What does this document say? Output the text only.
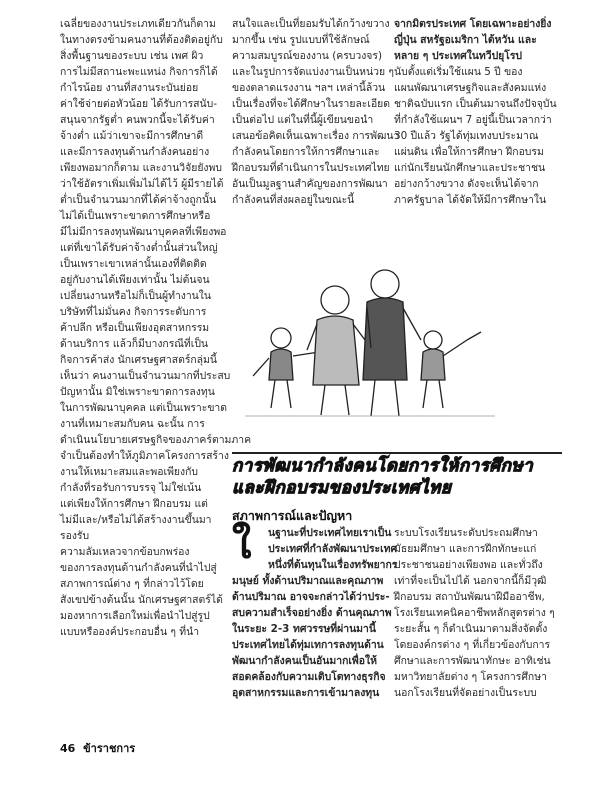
เฉลี่ยของงานประเภทเดียวกันก็ตาม

ในทางตรงข้ามคนงานที่ต้องติดอยู่กับ

สิ่งพื้นฐานของระบบ เช่น เพศ ผิว

การไม่มีสถานะพะแหน่ง กิจการก็ได้

กำไรน้อย งานที่สงานระบันย่อย

ค่าใช้จ่ายต่อหัวน้อย ได้รับการสนับ-

สนุนจากรัฐต่ำ คนพวกนี้จะได้รับค่า

จ้างต่ำ แม้ว่าเขาจะมีการศึกษาดี

และมีการลงทุนด้านกำลังคนอย่าง

เพียงพอมากก็ตาม และงานวิจัยยังพบ

ว่าใช้อัตราเพิ่มเพิ่มไม่ได้ไว้ ผู้มีรายได้

ต่ำเป็นจำนวนมากที่ได้ค่าจ้างถูกนั้น

ไม่ได้เป็นเพราะขาดการศึกษาหรือ

มีไม่มีการลงทุนพัฒนาบุคคลที่เพียงพอ

แต่ที่เขาได้รับค่าจ้างต่ำนั้นส่วนใหญ่

เป็นเพราะเขาเหล่านั้นเองที่ติดติด

อยู่กับงานได้เพียงเท่านั้น ไม่ต้นจน

เปลี่ยนงานหรือไม่ก็เป็นผู้ทำงานใน

บริษัทที่ไม่มั่นคง กิจการระดับการ

ค้าปลีก หรือเป็นเพียงอุตสาหกรรม

ด้านบริการ แล้วก็มีบางกรณีที่เป็น

กิจการค้าส่ง นักเศรษฐศาสตร์กลุ่มนี้

เห็นว่า คนงานเป็นจำนวนมากที่ประสบ

ปัญหานั้น มิใช่เพราะขาดการลงทุน

ในการพัฒนาบุคคล แต่เป็นเพราะขาด

งานที่เหมาะสมกับคน ฉะนั้น การ

ดำเนินนโยบายเศรษฐกิจของภาคร์ตามภาค

จำเป็นต้องทำให้ภูมิภาคโครงการสร้าง

งานให้เหมาะสมและพอเพียงกับ

กำลังที่รอรับการบรรจุ ไม่ใช่เน้น

แต่เพียงให้การศึกษา ฝึกอบรม แต่

ไม่มีและ/หรือไม่ได้สร้างงานขึ้นมา

รองรับ

ความลัมเหลวจากข้อบกพร่อง

ของการลงทุนด้านกำลังคนที่นำไปสู่

สภาพการณ์ต่าง ๆ ที่กล่าวไว้โดย

สังเขปข้างต้นนั้น นักเศรษฐศาสตร์ได้

มองหาการเลือกใหม่เพื่อนำไปสู่รูป

แบบหรือองค์ประกอบอื่น ๆ ที่นำ

สนใจและเป็นที่ยอมรับได้กว้างขวาง

มากขึ้น เช่น รูปแบบที่ใช้ลักษณ์

ความสมบูรณ์ของงาน (ครบวงจร)

และในรูปการจัดแบ่งงานเป็นหน่วย ๆ

ของตลาดแรงงาน ฯลฯ เหล่านี้ล้วน

เป็นเรื่องที่จะได้ศึกษาในรายละเอียด

เป็นต่อไป แต่ในที่นี้ผู้เขียนขอนำ

เสนอข้อคิดเห็นเฉพาะเรื่อง การพัฒนา

กำลังคนโดยการให้การศึกษาและ

ฝึกอบรมที่ดำเนินการในประเทศไทย

อันเป็นมูลฐานสำคัญของการพัฒนา

กำลังคนที่ส่งผลอยู่ในขณะนี้

จากมิตรประเทศ โดยเฉพาะอย่างยิ่ง

ญี่ปุ่น สหรัฐอเมริกา ไต้หวัน และ

หลาย ๆ ประเทศในทวีปยุโรป

นับตั้งแต่เริ่มใช้แผน 5 ปี ของ

แผนพัฒนาเศรษฐกิจและสังคมแห่ง

ชาติฉบับแรก เป็นต้นมาจนถึงปัจจุบัน

ที่กำลังใช้แผนฯ 7 อยู่นี้เป็นเวลากว่า

30 ปีแล้ว รัฐได้ทุ่มเทงบประมาณ

แผ่นดิน เพื่อให้การศึกษา ฝึกอบรม

แก่นักเรียนนักศึกษาและประชาชน

อย่างกว้างขวาง ดังจะเห็นได้จาก

ภาครัฐบาล ได้จัดให้มีการศึกษาใน

การพัฒนากำลังคนโดยการให้การศึกษา
และฝึกอบรมของประเทศไทย
สภาพการณ์และปัญหา
ใ	นฐานะที่ประเทศไทยเราเป็น

ประเทศที่กำลังพัฒนาประเทศ

หนึ่งที่ต้นทุนในเรื่องทรัพยากร

มนุษย์ ทั้งด้านปริมาณและคุณภาพ

ด้านปริมาณ อาจจะกล่าวได้ว่าประ-

สบความสำเร็จอย่างยิ่ง ด้านคุณภาพ

ในระยะ 2-3 ทศวรรษที่ผ่านมานี้

ประเทศไทยได้ทุ่มเทการลงทุนด้าน

พัฒนากำลังคนเป็นอันมากเพื่อให้

สอดคล้องกับความเติบโตทางธุรกิจ

อุตสาหกรรมและการเข้ามาลงทุน

ระบบโรงเรียนระดับประถมศึกษา

มัธยมศึกษา และการฝึกทักษะแก่

ประชาชนอย่างเพียงพอ และทั่วถึง

เท่าที่จะเป็นไปได้ นอกจากนี้ก็มีวุฒิ

ฝึกอบรม สถาบันพัฒนาฝีมืออาชีพ,

โรงเรียนเทคนิคอาชีพหลักสูตรต่าง ๆ

ระยะสั้น ๆ ก็ดำเนินมาตามสิ่งจัดตั้ง

โดยองค์กรต่าง ๆ ที่เกี่ยวข้องกับการ

ศึกษาและการพัฒนาทักษะ อาทิเช่น

มหาวิทยาลัยต่าง ๆ โครงการศึกษา

นอกโรงเรียนที่จัดอย่างเป็นระบบ

46 ข้าราชการ
